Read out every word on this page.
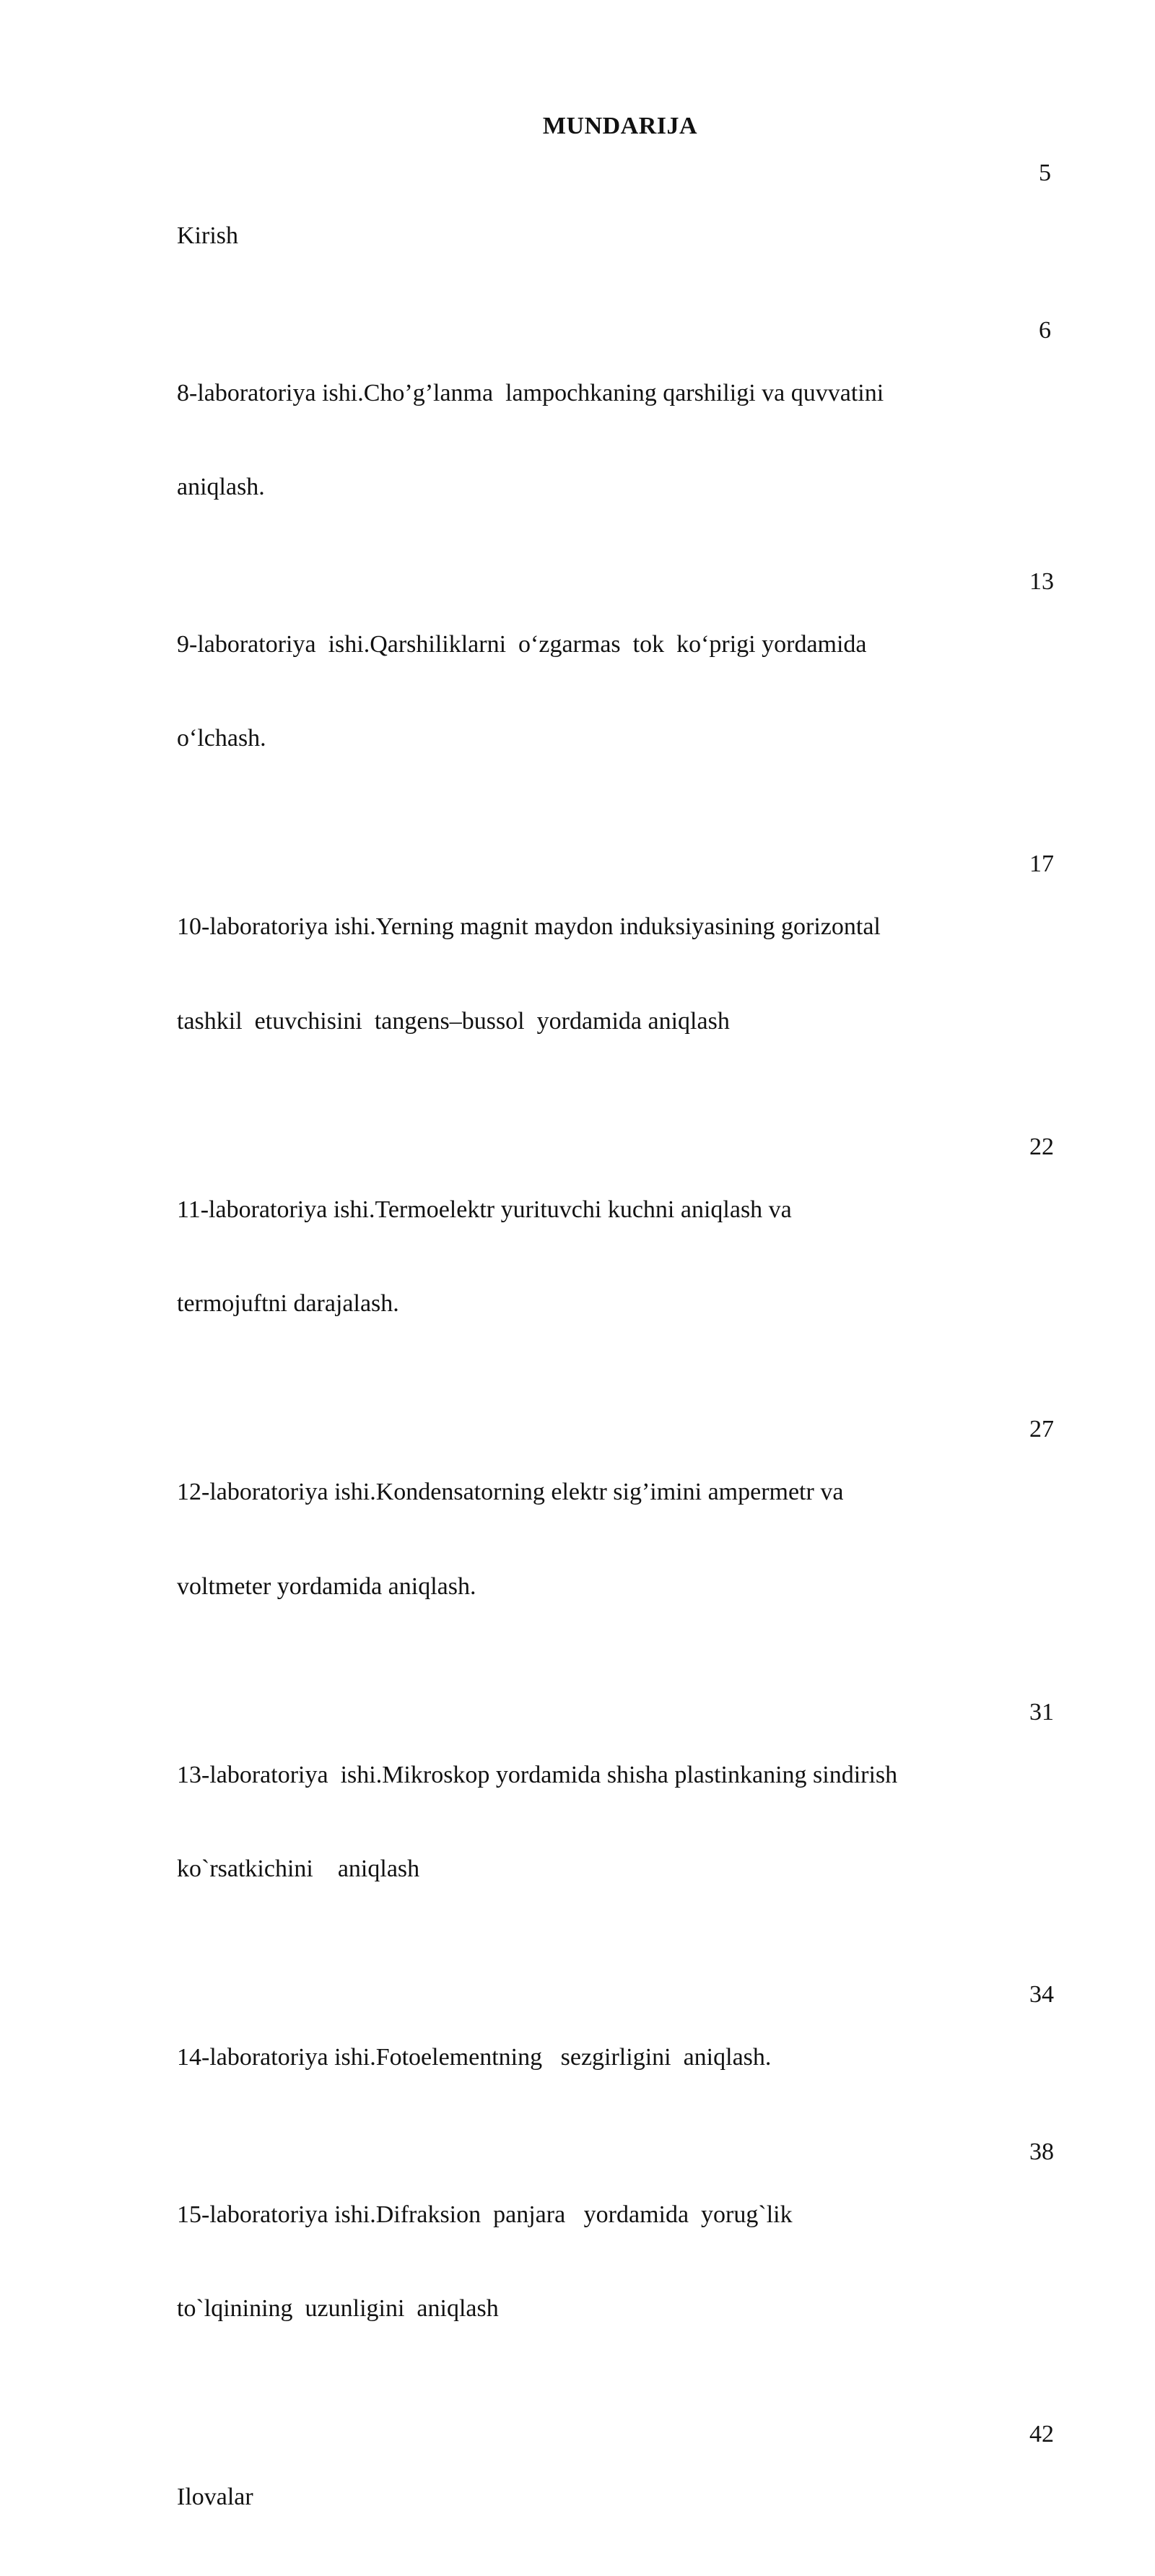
MUNDARIJA

Kirish

5

8-laboratoriya ishi.Cho’g’lanma  lampochkaning qarshiligi va quvvatini

aniqlash.

6

9-laboratoriya  ishi.Qarshiliklarni  o‘zgarmas  tok  ko‘prigi yordamida

o‘lchash.

13

10-laboratoriya ishi.Yerning magnit maydon induksiyasining gorizontal

tashkil  etuvchisini  tangens–bussol  yordamida aniqlash

17

11-laboratoriya ishi.Termoelektr yurituvchi kuchni aniqlash va

termojuftni darajalash.

22

12-laboratoriya ishi.Kondensatorning elektr sig’imini ampermetr va

voltmeter yordamida aniqlash.

27

13-laboratoriya  ishi.Mikroskop yordamida shisha plastinkaning sindirish

ko`rsatkichini    aniqlash

31

14-laboratoriya ishi.Fotoelementning   sezgirligini  aniqlash.

34

15-laboratoriya ishi.Difraksion  panjara   yordamida  yorug`lik

to`lqinining  uzunligini  aniqlash

38

Ilovalar

42
